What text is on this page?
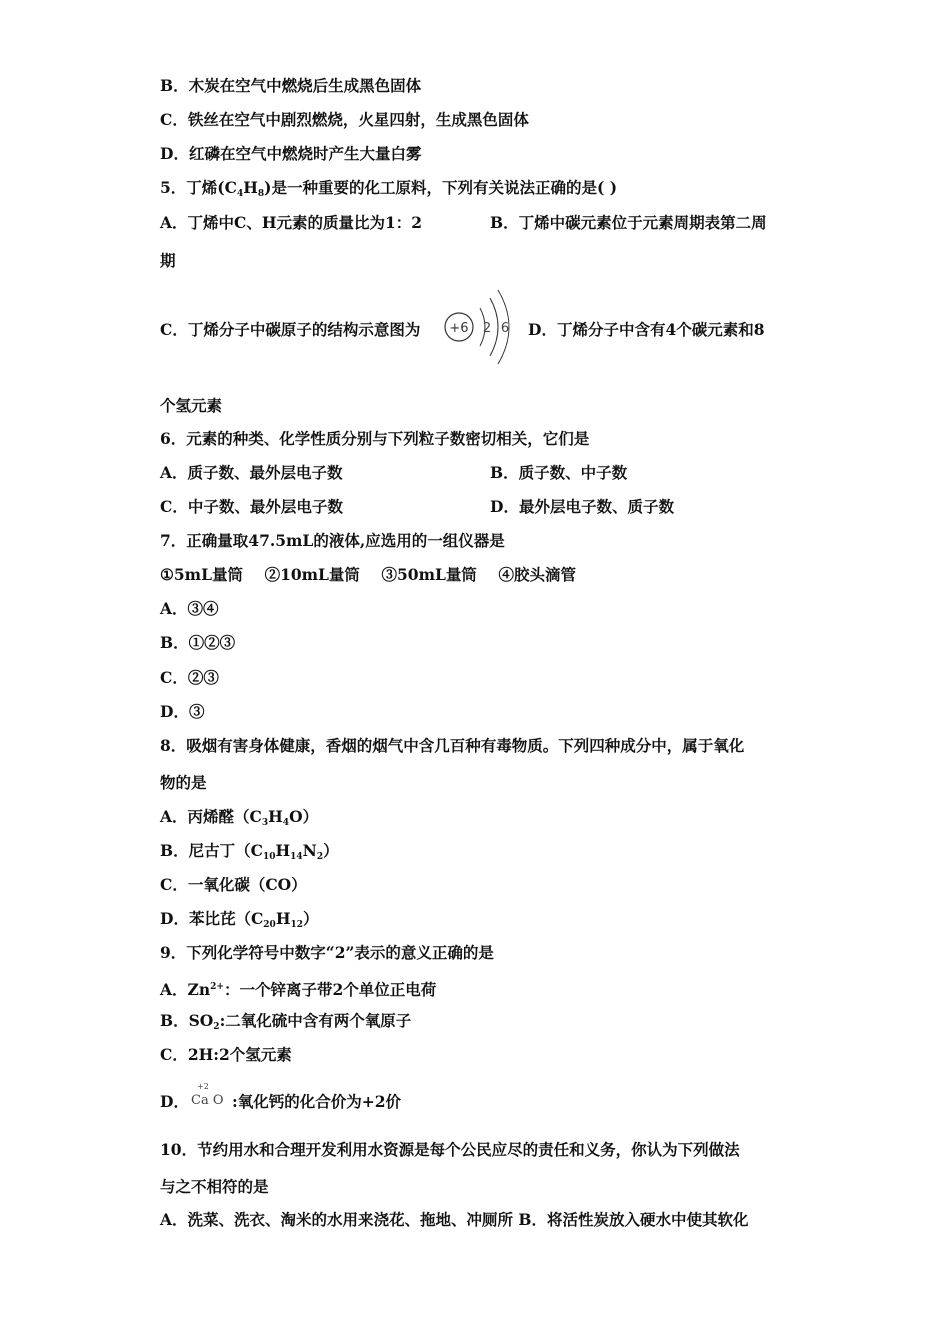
B．木炭在空气中燃烧后生成黑色固体
C．铁丝在空气中剧烈燃烧，火星四射，生成黑色固体
D．红磷在空气中燃烧时产生大量白雾
5．丁烯$(C_4H_8)$是一种重要的化工原料，下列有关说法正确的是( )
A．丁烯中C、H元素的质量比为1：2	B．丁烯中碳元素位于元素周期表第二周
期
C．丁烯分子中碳原子的结构示意图为 +6 2 6 D．丁烯分子中含有4个碳元素和8
个氢元素
6．元素的种类、化学性质分别与下列粒子数密切相关，它们是
A．质子数、最外层电子数	B．质子数、中子数
C．中子数、最外层电子数	D．最外层电子数、质子数
7．正确量取47.5mL的液体,应选用的一组仪器是
①5mL量筒    ②10mL量筒    ③50mL量筒    ④胶头滴管
A．③④
B．①②③
C．②③
D．③
8．吸烟有害身体健康，香烟的烟气中含几百种有毒物质。下列四种成分中，属于氧化
物的是
A．丙烯醛$(C_3H_4O)$
B．尼古丁$(C_{10}H_{14}N_2)$
C．一氧化碳（CO）
D．苯比芘$(C_{20}H_{12})$
9．下列化学符号中数字“2”表示的意义正确的是
A．$Zn^{2+}$：一个锌离子带2个单位正电荷
B．$SO_2$:二氧化硫中含有两个氧原子
C．2H:2个氢元素
D．
+2
Ca O :氧化钙的化合价为+2价
10．节约用水和合理开发利用水资源是每个公民应尽的责任和义务，你认为下列做法
与之不相符的是
A．洗菜、洗衣、淘米的水用来浇花、拖地、冲厕所 B．将活性炭放入硬水中使其软化
